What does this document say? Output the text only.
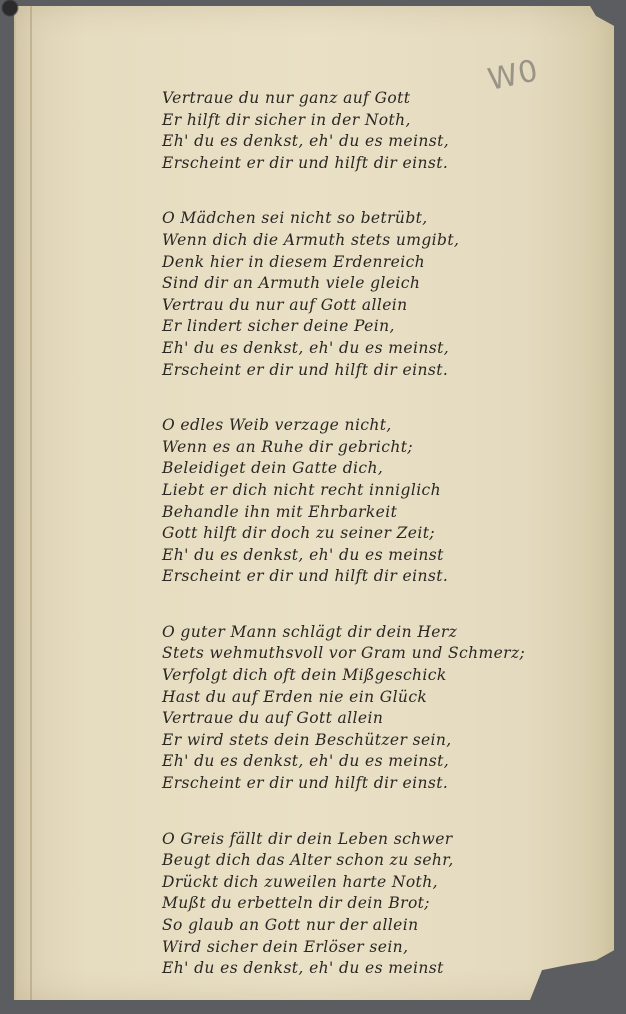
W0
Vertraue du nur ganz auf Gott
Er hilft dir sicher in der Noth,
Eh' du es denkst, eh' du es meinst,
Erscheint er dir und hilft dir einst.
O Mädchen sei nicht so betrübt,
Wenn dich die Armuth stets umgibt,
Denk hier in diesem Erdenreich
Sind dir an Armuth viele gleich
Vertrau du nur auf Gott allein
Er lindert sicher deine Pein,
Eh' du es denkst, eh' du es meinst,
Erscheint er dir und hilft dir einst.
O edles Weib verzage nicht,
Wenn es an Ruhe dir gebricht;
Beleidiget dein Gatte dich,
Liebt er dich nicht recht inniglich
Behandle ihn mit Ehrbarkeit
Gott hilft dir doch zu seiner Zeit;
Eh' du es denkst, eh' du es meinst
Erscheint er dir und hilft dir einst.
O guter Mann schlägt dir dein Herz
Stets wehmuthsvoll vor Gram und Schmerz;
Verfolgt dich oft dein Mißgeschick
Hast du auf Erden nie ein Glück
Vertraue du auf Gott allein
Er wird stets dein Beschützer sein,
Eh' du es denkst, eh' du es meinst,
Erscheint er dir und hilft dir einst.
O Greis fällt dir dein Leben schwer
Beugt dich das Alter schon zu sehr,
Drückt dich zuweilen harte Noth,
Mußt du erbetteln dir dein Brot;
So glaub an Gott nur der allein
Wird sicher dein Erlöser sein,
Eh' du es denkst, eh' du es meinst
